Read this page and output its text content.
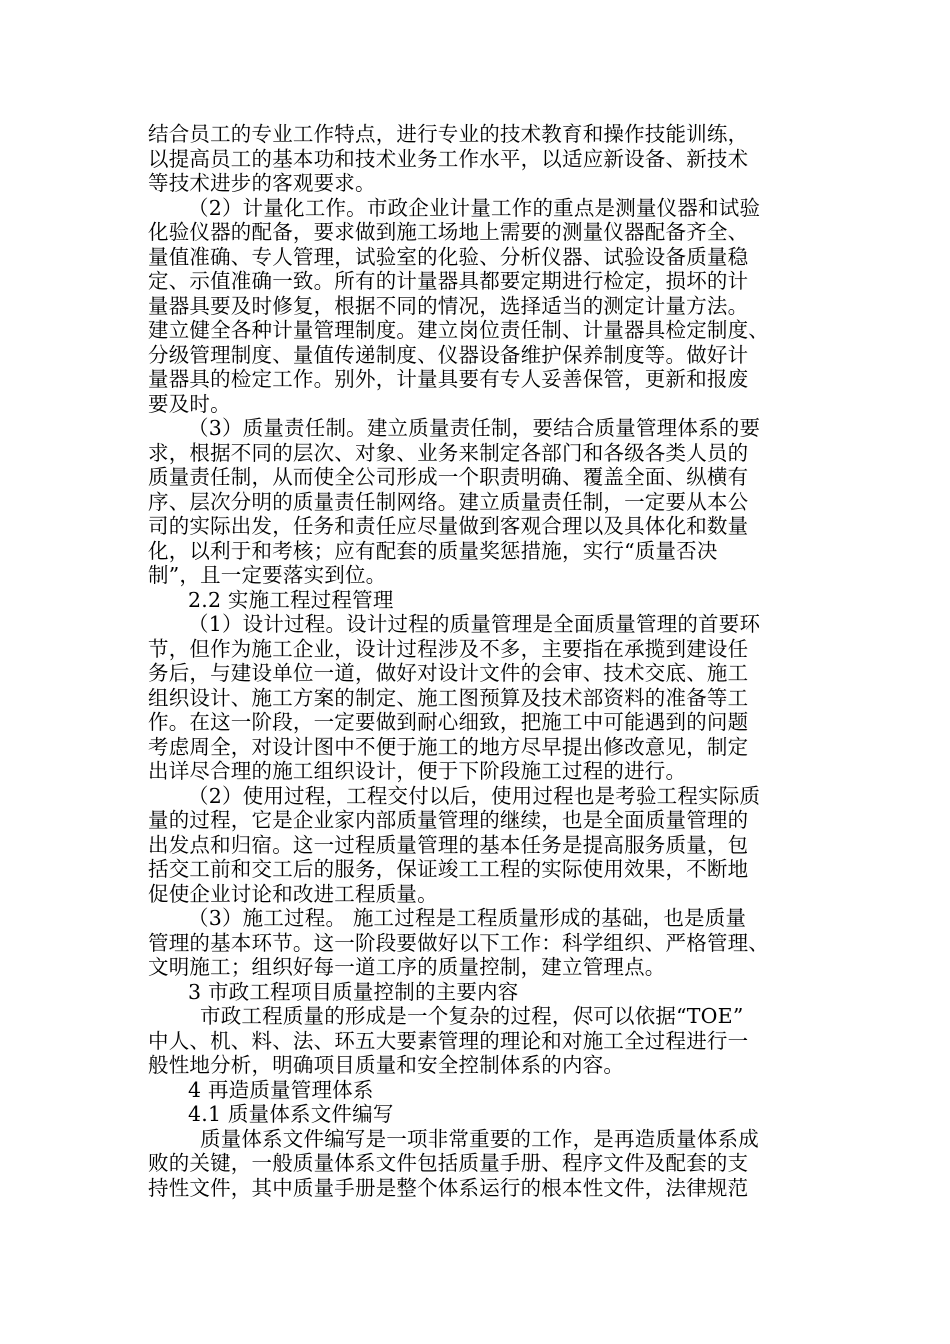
结合员工的专业工作特点，进行专业的技术教育和操作技能训练，
以提高员工的基本功和技术业务工作水平，以适应新设备、新技术
等技术进步的客观要求。
（2）计量化工作。市政企业计量工作的重点是测量仪器和试验
化验仪器的配备，要求做到施工场地上需要的测量仪器配备齐全、
量值准确、专人管理，试验室的化验、分析仪器、试验设备质量稳
定、示值准确一致。所有的计量器具都要定期进行检定，损坏的计
量器具要及时修复，根据不同的情况，选择适当的测定计量方法。
建立健全各种计量管理制度。建立岗位责任制、计量器具检定制度、
分级管理制度、量值传递制度、仪器设备维护保养制度等。做好计
量器具的检定工作。别外，计量具要有专人妥善保管，更新和报废
要及时。
（3）质量责任制。建立质量责任制，要结合质量管理体系的要
求，根据不同的层次、对象、业务来制定各部门和各级各类人员的
质量责任制，从而使全公司形成一个职责明确、覆盖全面、纵横有
序、层次分明的质量责任制网络。建立质量责任制，一定要从本公
司的实际出发，任务和责任应尽量做到客观合理以及具体化和数量
化，以利于和考核；应有配套的质量奖惩措施，实行“质量否决
制”，且一定要落实到位。
2.2 实施工程过程管理
（1）设计过程。设计过程的质量管理是全面质量管理的首要环
节，但作为施工企业，设计过程涉及不多，主要指在承揽到建设任
务后，与建设单位一道，做好对设计文件的会审、技术交底、施工
组织设计、施工方案的制定、施工图预算及技术部资料的准备等工
作。在这一阶段，一定要做到耐心细致，把施工中可能遇到的问题
考虑周全，对设计图中不便于施工的地方尽早提出修改意见，制定
出详尽合理的施工组织设计，便于下阶段施工过程的进行。
（2）使用过程，工程交付以后，使用过程也是考验工程实际质
量的过程，它是企业家内部质量管理的继续，也是全面质量管理的
出发点和归宿。这一过程质量管理的基本任务是提高服务质量，包
括交工前和交工后的服务，保证竣工工程的实际使用效果，不断地
促使企业讨论和改进工程质量。
（3）施工过程。 施工过程是工程质量形成的基础，也是质量
管理的基本环节。这一阶段要做好以下工作：科学组织、严格管理、
文明施工；组织好每一道工序的质量控制，建立管理点。
3 市政工程项目质量控制的主要内容
市政工程质量的形成是一个复杂的过程，侭可以依据“TOE”
中人、机、料、法、环五大要素管理的理论和对施工全过程进行一
般性地分析，明确项目质量和安全控制体系的内容。
4 再造质量管理体系
4.1 质量体系文件编写
质量体系文件编写是一项非常重要的工作，是再造质量体系成
败的关键，一般质量体系文件包括质量手册、程序文件及配套的支
持性文件，其中质量手册是整个体系运行的根本性文件，法律规范
